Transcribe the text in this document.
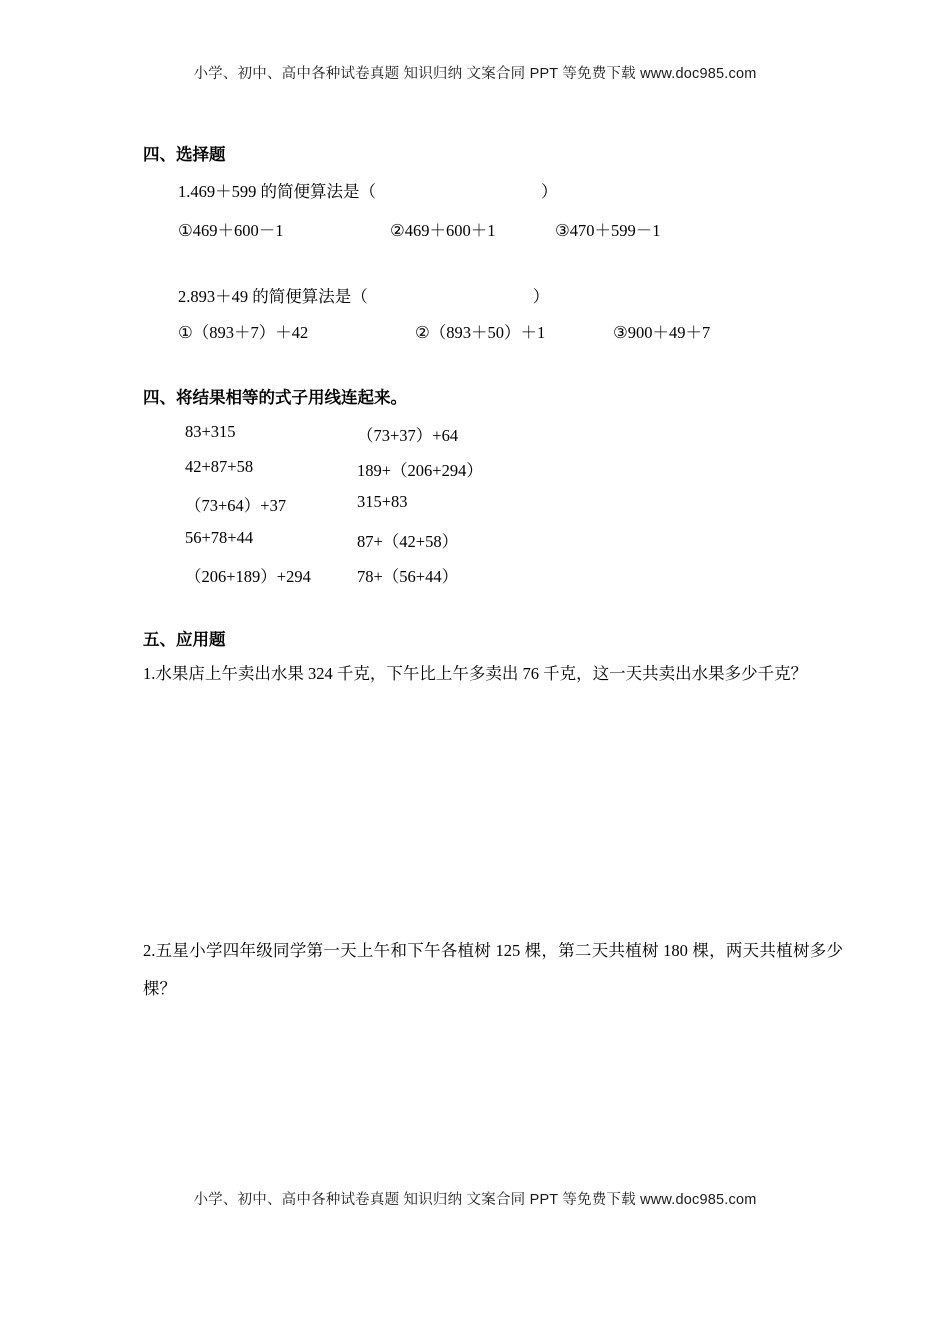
小学、初中、高中各种试卷真题 知识归纳 文案合同 PPT 等免费下载 www.doc985.com
四、选择题
1.469＋599 的简便算法是（　　　　　　　　　　）
①469＋600－1	②469＋600＋1	③470＋599－1
2.893＋49 的简便算法是（　　　　　　　　　　）
①（893＋7）＋42	②（893＋50）＋1	③900＋49＋7
四、将结果相等的式子用线连起来。
83+315	（73+37）+64
42+87+58	189+（206+294）
（73+64）+37	315+83
56+78+44	87+（42+58）
（206+189）+294	78+（56+44）
五、应用题
1.水果店上午卖出水果 324 千克，下午比上午多卖出 76 千克，这一天共卖出水果多少千克？
2.五星小学四年级同学第一天上午和下午各植树 125 棵，第二天共植树 180 棵，两天共植树多少棵？
小学、初中、高中各种试卷真题 知识归纳 文案合同 PPT 等免费下载 www.doc985.com
